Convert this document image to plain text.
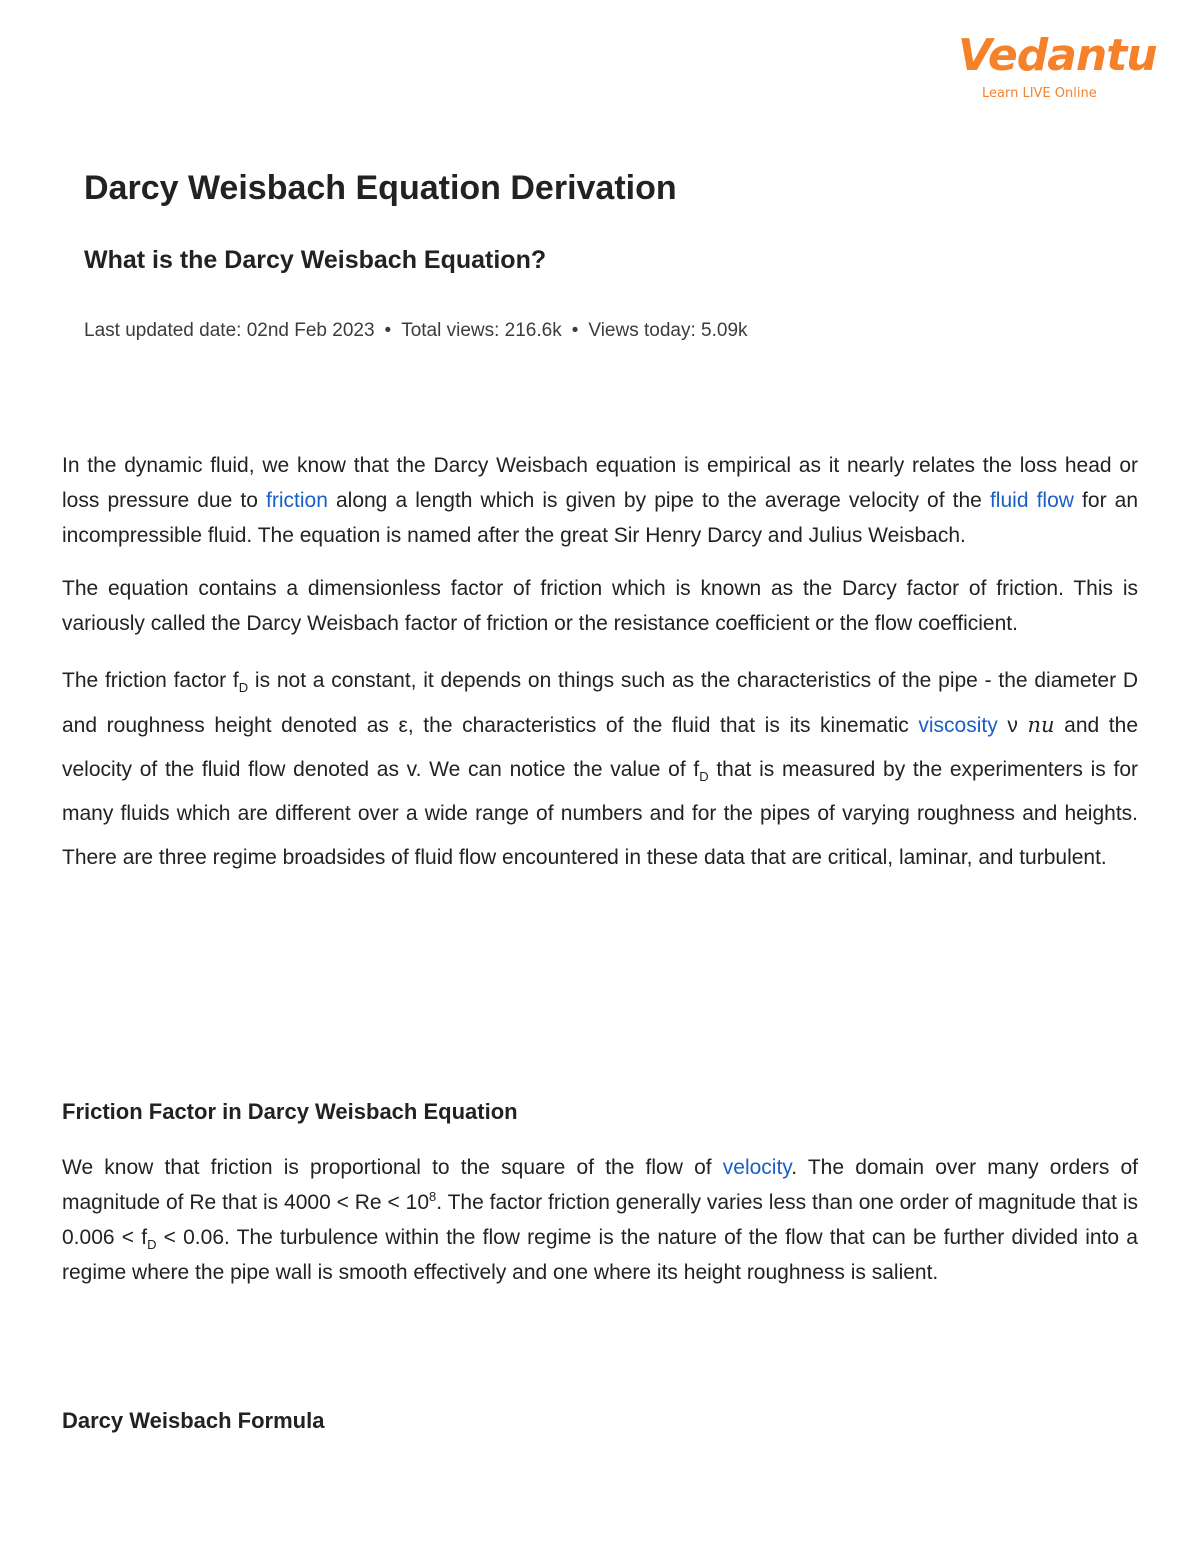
Vedantu
Learn LIVE Online
Darcy Weisbach Equation Derivation
What is the Darcy Weisbach Equation?
Last updated date: 02nd Feb 2023 • Total views: 216.6k • Views today: 5.09k

In the dynamic fluid, we know that the Darcy Weisbach equation is empirical as it nearly relates the loss head or loss pressure due to friction along a length which is given by pipe to the average velocity of the fluid flow for an incompressible fluid. The equation is named after the great Sir Henry Darcy and Julius Weisbach.

The equation contains a dimensionless factor of friction which is known as the Darcy factor of friction. This is variously called the Darcy Weisbach factor of friction or the resistance coefficient or the flow coefficient.

The friction factor $f_D$ is not a constant, it depends on things such as the characteristics of the pipe - the diameter D and roughness height denoted as ε, the characteristics of the fluid that is its kinematic viscosity ν nu and the velocity of the fluid flow denoted as v. We can notice the value of $f_D$ that is measured by the experimenters is for many fluids which are different over a wide range of numbers and for the pipes of varying roughness and heights. There are three regime broadsides of fluid flow encountered in these data that are critical, laminar, and turbulent.

Friction Factor in Darcy Weisbach Equation

We know that friction is proportional to the square of the flow of velocity. The domain over many orders of magnitude of Re that is $4000 < Re < 10^8$. The factor friction generally varies less than one order of magnitude that is $0.006 < f_D < 0.06$. The turbulence within the flow regime is the nature of the flow that can be further divided into a regime where the pipe wall is smooth effectively and one where its height roughness is salient.

Darcy Weisbach Formula
